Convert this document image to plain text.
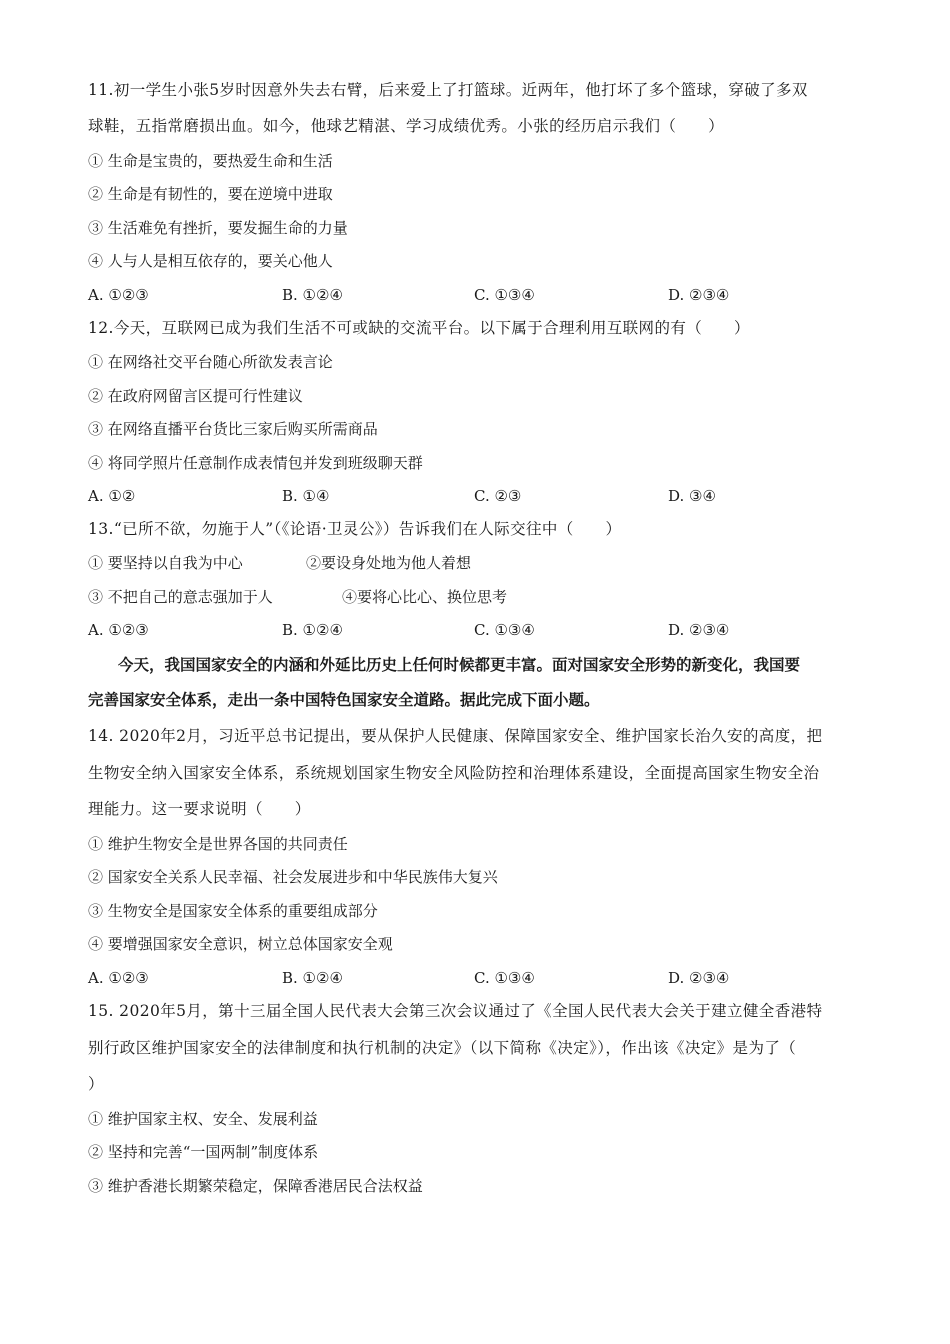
11.初一学生小张5岁时因意外失去右臂，后来爱上了打篮球。近两年，他打坏了多个篮球，穿破了多双
球鞋，五指常磨损出血。如今，他球艺精湛、学习成绩优秀。小张的经历启示我们（　　）
① 生命是宝贵的，要热爱生命和生活
② 生命是有韧性的，要在逆境中进取
③ 生活难免有挫折，要发掘生命的力量
④ 人与人是相互依存的，要关心他人
A. ①②③	B. ①②④	C. ①③④	D. ②③④
12.今天，互联网已成为我们生活不可或缺的交流平台。以下属于合理利用互联网的有（　　）
① 在网络社交平台随心所欲发表言论
② 在政府网留言区提可行性建议
③ 在网络直播平台货比三家后购买所需商品
④ 将同学照片任意制作成表情包并发到班级聊天群
A. ①②	B. ①④	C. ②③	D. ③④
13.“已所不欲，勿施于人”（《论语·卫灵公》）告诉我们在人际交往中（　　）
① 要坚持以自我为中心	②要设身处地为他人着想
③ 不把自己的意志强加于人	④要将心比心、换位思考
A. ①②③	B. ①②④	C. ①③④	D. ②③④
今天，我国国家安全的内涵和外延比历史上任何时候都更丰富。面对国家安全形势的新变化，我国要
完善国家安全体系，走出一条中国特色国家安全道路。据此完成下面小题。
14. 2020年2月，习近平总书记提出，要从保护人民健康、保障国家安全、维护国家长治久安的高度，把
生物安全纳入国家安全体系，系统规划国家生物安全风险防控和治理体系建设，全面提高国家生物安全治
理能力。这一要求说明（　　）
① 维护生物安全是世界各国的共同责任
② 国家安全关系人民幸福、社会发展进步和中华民族伟大复兴
③ 生物安全是国家安全体系的重要组成部分
④ 要增强国家安全意识，树立总体国家安全观
A. ①②③	B. ①②④	C. ①③④	D. ②③④
15. 2020年5月，第十三届全国人民代表大会第三次会议通过了《全国人民代表大会关于建立健全香港特
别行政区维护国家安全的法律制度和执行机制的决定》（以下简称《决定》），作出该《决定》是为了（
）
① 维护国家主权、安全、发展利益
② 坚持和完善“一国两制”制度体系
③ 维护香港长期繁荣稳定，保障香港居民合法权益
